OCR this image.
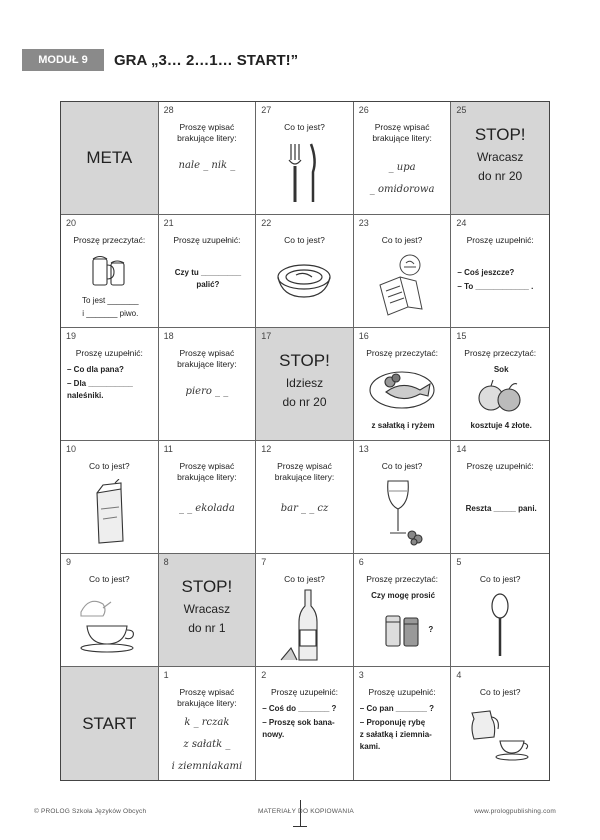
MODUŁ 9	GRA „3… 2…1… START!”
META
28
Proszę wpisać brakujące litery:
nale _ nik _
27
Co to jest?
26
Proszę wpisać brakujące litery:
_ upa
_ omidorowa
25
STOP!
Wracasz
do nr 20
20
Proszę przeczytać:
To jest _______
i _______ piwo.
21
Proszę uzupełnić:
Czy tu _________
palić?
22
Co to jest?
23
Co to jest?
24
Proszę uzupełnić:
– Coś jeszcze?
– To ____________ .
19
Proszę uzupełnić:
– Co dla pana?
– Dla __________
naleśniki.
18
Proszę wpisać brakujące litery:
piero _ _
17
STOP!
Idziesz
do nr 20
16
Proszę przeczytać:
z sałatką i ryżem
15
Proszę przeczytać:
Sok
kosztuje 4 złote.
10
Co to jest?
11
Proszę wpisać brakujące litery:
_ _ ekolada
12
Proszę wpisać brakujące litery:
bar _ _ cz
13
Co to jest?
14
Proszę uzupełnić:
Reszta _____ pani.
9
Co to jest?
8
STOP!
Wracasz
do nr 1
7
Co to jest?
6
Proszę przeczytać:
Czy mogę prosić
?
5
Co to jest?
START
1
Proszę wpisać brakujące litery:
k _ rczak
z sałatk _
i ziemniakami
2
Proszę uzupełnić:
– Coś do _______ ?
– Proszę sok bana-
nowy.
3
Proszę uzupełnić:
– Co pan _______ ?
– Proponuję rybę
z sałatką i ziemnia-
kami.
4
Co to jest?
© PROLOG Szkoła Języków Obcych	MATERIAŁY DO KOPIOWANIA	www.prologpublishing.com
